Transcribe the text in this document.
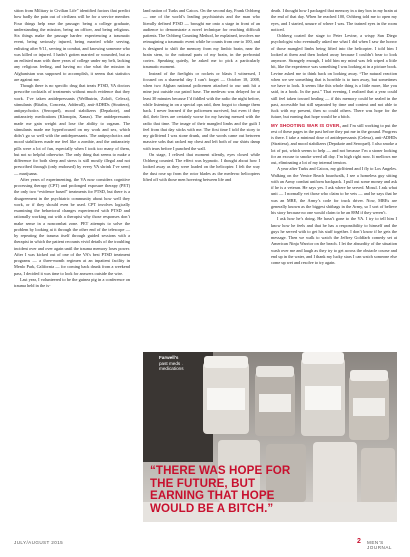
sition from Military to Civilian Life” identified factors that predict how badly the pain out of civilians will be for a service member. Four things help ease the passage: being a college graduate, understanding the mission, being an officer, and being religious. Six things make the passage harder: experiencing a traumatic event, being seriously injured, being married while serving, enlisting after 9/11, serving in combat, and knowing someone who was killed or injured. I hadn’t gotten married or wounded, but as an enlisted man with three years of college under my belt, lacking any religious feeling, and having no clue what the mission in Afghanistan was supposed to accomplish, it seems that statistics are against me.

Though there is no specific drug that treats PTSD, VA doctors prescribe cocktails of treatments without much evidence that they work. I’ve taken antidepressants (Wellbutrin, Zoloft, Celexa), stimulants (Ritalin, Concerta, Adderall), anti-ADHDs (Strattera), antipsychotics (Seroquel), mood stabilizers (Depakote), and antianxiety medications (Klonopin, Xanax). The antidepressants made me gain weight and lose the ability to orgasm. The stimulants made me hyperfocused on my work and sex, which didn’t go so well with the antidepressants. The antipsychotics and mood stabilizers made me feel like a zombie, and the antianxiety pills were a lot of fun, especially when I took too many of them, but not so helpful otherwise. The only thing that seems to make a difference for both sleep and stress is still mostly illegal and not prescribed through (only endorsed) by every VA shrink I’ve seen) — marijuana.

After years of experimenting, the VA now considers cognitive processing therapy (CPT) and prolonged exposure therapy (PET) the only two “evidence based” treatments for PTSD, but there is a disagreement in the psychiatric community about how well they work, or if they should even be used. CPT involves logically examining the behavioral changes experienced with PTSD and rationally working out with a therapist why those responses don’t make sense in a noncombat zone. PET attempts to solve the problem by looking at it through the other end of the telescope — by repeating the trauma itself through guided sessions with a therapist in which the patient recounts vivid details of the troubling incident over and over again until the trauma memory loses power. After I was kicked out of one of the VA’s best PTSD treatment programs — a three-month regimen at an inpatient facility in Menlo Park, California — for coming back drunk from a weekend pass, I decided it was time to look for answers outside the wire.

Last year, I volunteered to be the guinea pig in a conference on trauma held in the is-

land nation of Turks and Caicos. On the second day, Frank Ochberg — one of the world’s leading psychiatrists and the man who literally defined PTSD — brought me onto a stage in front of an audience to demonstrate a novel technique for reaching difficult patients. The Ochberg Counting Method, he explained, involves me reimagining a traumatic event while he counts from one to 100, and is designed to shift the memory from my limbic brain, near the brain stem, to the rational parts of my brain, in the prefrontal cortex. Speaking quietly, he asked me to pick a particularly traumatic moment.

Instead of the firefights or rockets or blasts I witnessed, I focused on a shameful day I can’t forget — October 18, 2008, when two Afghan national policemen attached to our unit hit a mine just outside our patrol base. The medevac was delayed for at least 30 minutes because I’d fiddled with the radio the night before, while listening in on a special ops raid, then forgot to change them back. I never learned if the policemen survived, but even if they did, their lives are certainly worse for my having messed with the radio that time. The image of their mangled limbs and the guilt I feel from that day sticks with me. The first time I told the story to my girlfriend I was stone drunk, and the words came out between massive sobs that racked my chest and left both of our shirts damp with tears before I punched the wall.

On stage, I relived that moment silently, eyes closed while Ochberg counted. The effect was hypnotic. I thought about how I looked away as they were loaded on the helicopter. I felt the way the dust rose up from the rotor blades as the medevac helicopters lifted off with those men hovering between life and

death. I thought how I packaged that memory in a tiny box in my brain at the end of that day. When he reached 100, Ochberg told me to open my eyes, and I started, unsure of where I was. The trained eyes in the room noticed.

Ochberg coated the stage to Peter Levine, a wispy San Diego psychologist who eventually asked me what I did when I saw the horror of those mangled limbs being lifted into the helicopter. I told him I looked at them and then looked away because I couldn’t bear to look anymore. Strangely enough, I told him my mind was felt wiped a little bit, like the experience was something I was looking at in a picture book. Levine asked me to think back on looking away. “The natural reaction when we see something that is horrible is to turn away, but sometimes we have to look. It seems like this whole thing is a little more, like you said, in a book. In the past.” That evening, I realized that a year could still feel taken toward healing — if this memory could be sealed in the past, accessible but still separated by time and context and not able to fuck with my present, then so could others. There was hope for the future, but earning that hope would be a bitch.

MY SHOOTING WAR IS OVER, and I’m still working to put the rest of these pages in the past before they put me in the ground. Progress is there. I take a minimal dose of antidepressants (Celexa), anti-ADHDs (Strattera), and mood stabilizers (Depakote and Seroquel). I also smoke a lot of pot, which seems to help — and not because I’m a stoner looking for an excuse to smoke weed all day. I’m high right now. It mellows me out, eliminating a lot of my internal tension.

A year after Turks and Caicos, my girlfriend and I fly to Los Angeles. Walking on the Venice Beach boardwalk, I see a homeless guy sitting with an Army combat uniform backpack. I pull out some money and ask if he is a veteran. He says yes. I ask where he served. Mosul. I ask what unit — I normally vet those who claim to be vets — and he says that he was an MRE, the Army’s code for truck driver. Now, MREs are generally known as the biggest shitbags in the Army, so I sort of believe his story because no one would claim to be an 88M if they weren’t.

I ask how he’s doing. He hasn’t gone to the VA. I try to tell him I know how he feels and that he has a responsibility to himself and the guys he served with to get his stuff together. I don’t know if he gets the message. Then we walk to watch the Jeffrey Goldfarb comedy set at American Ninja Warrior on the beach. I let the absurdity of the situation wash over me and laugh as they try to get across the obstacle course and end up in the water, and I thank my lucky stars I can watch someone else come up wet and resolve to try again.

Farwell's
past meds﹒
medications
“THERE WAS HOPE FOR THE FUTURE, BUT EARNING THAT HOPE WOULD BE A BITCH.”
JULY/AUGUST 2015	2 MEN'S JOURNAL
